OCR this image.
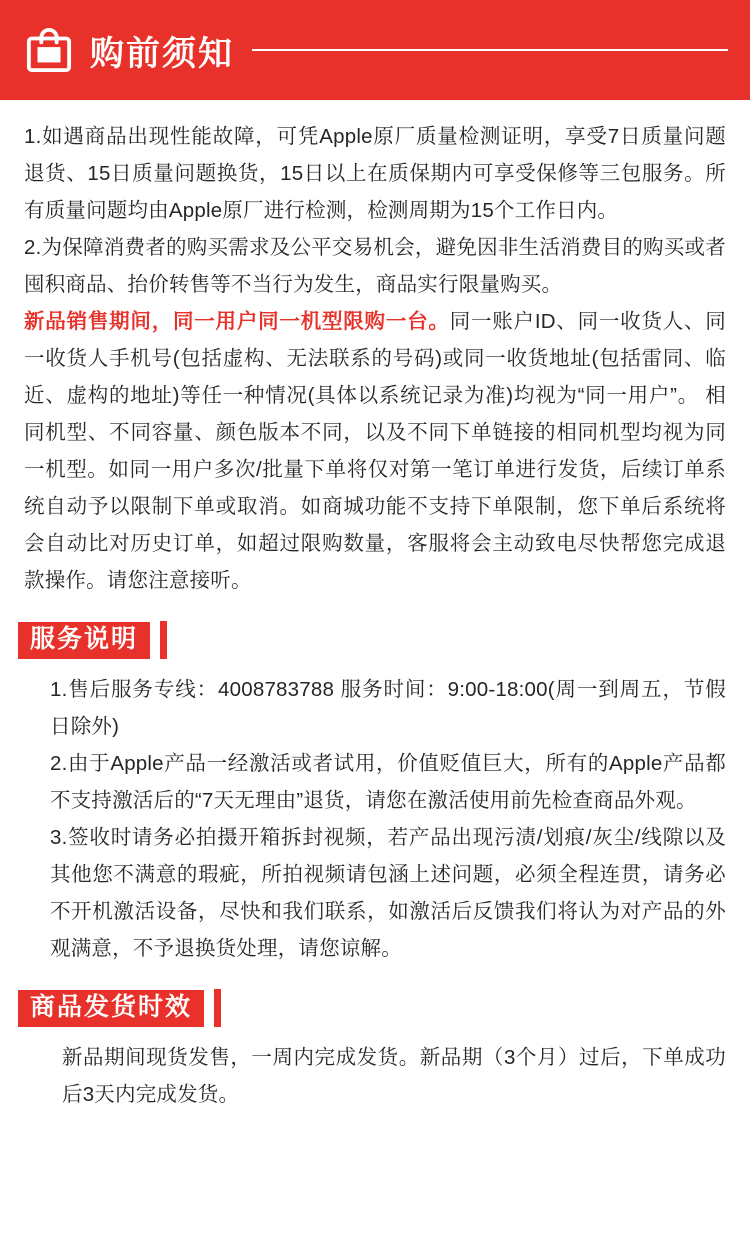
购前须知

1.如遇商品出现性能故障，可凭Apple原厂质量检测证明，享受7日质量问题退货、15日质量问题换货，15日以上在质保期内可享受保修等三包服务。所有质量问题均由Apple原厂进行检测，检测周期为15个工作日内。

2.为保障消费者的购买需求及公平交易机会，避免因非生活消费目的购买或者囤积商品、抬价转售等不当行为发生，商品实行限量购买。

新品销售期间，同一用户同一机型限购一台。同一账户ID、同一收货人、同一收货人手机号(包括虚构、无法联系的号码)或同一收货地址(包括雷同、临近、虚构的地址)等任一种情况(具体以系统记录为准)均视为“同一用户”。 相同机型、不同容量、颜色版本不同，以及不同下单链接的相同机型均视为同一机型。如同一用户多次/批量下单将仅对第一笔订单进行发货，后续订单系统自动予以限制下单或取消。如商城功能不支持下单限制，您下单后系统将会自动比对历史订单，如超过限购数量，客服将会主动致电尽快帮您完成退款操作。请您注意接听。

服务说明

1.售后服务专线：4008783788 服务时间：9:00-18:00(周一到周五，节假日除外)

2.由于Apple产品一经激活或者试用，价值贬值巨大，所有的Apple产品都不支持激活后的“7天无理由”退货，请您在激活使用前先检查商品外观。

3.签收时请务必拍摄开箱拆封视频，若产品出现污渍/划痕/灰尘/线隙以及其他您不满意的瑕疵，所拍视频请包涵上述问题，必须全程连贯，请务必不开机激活设备，尽快和我们联系，如激活后反馈我们将认为对产品的外观满意，不予退换货处理，请您谅解。

商品发货时效

新品期间现货发售，一周内完成发货。新品期（3个月）过后，下单成功后3天内完成发货。
